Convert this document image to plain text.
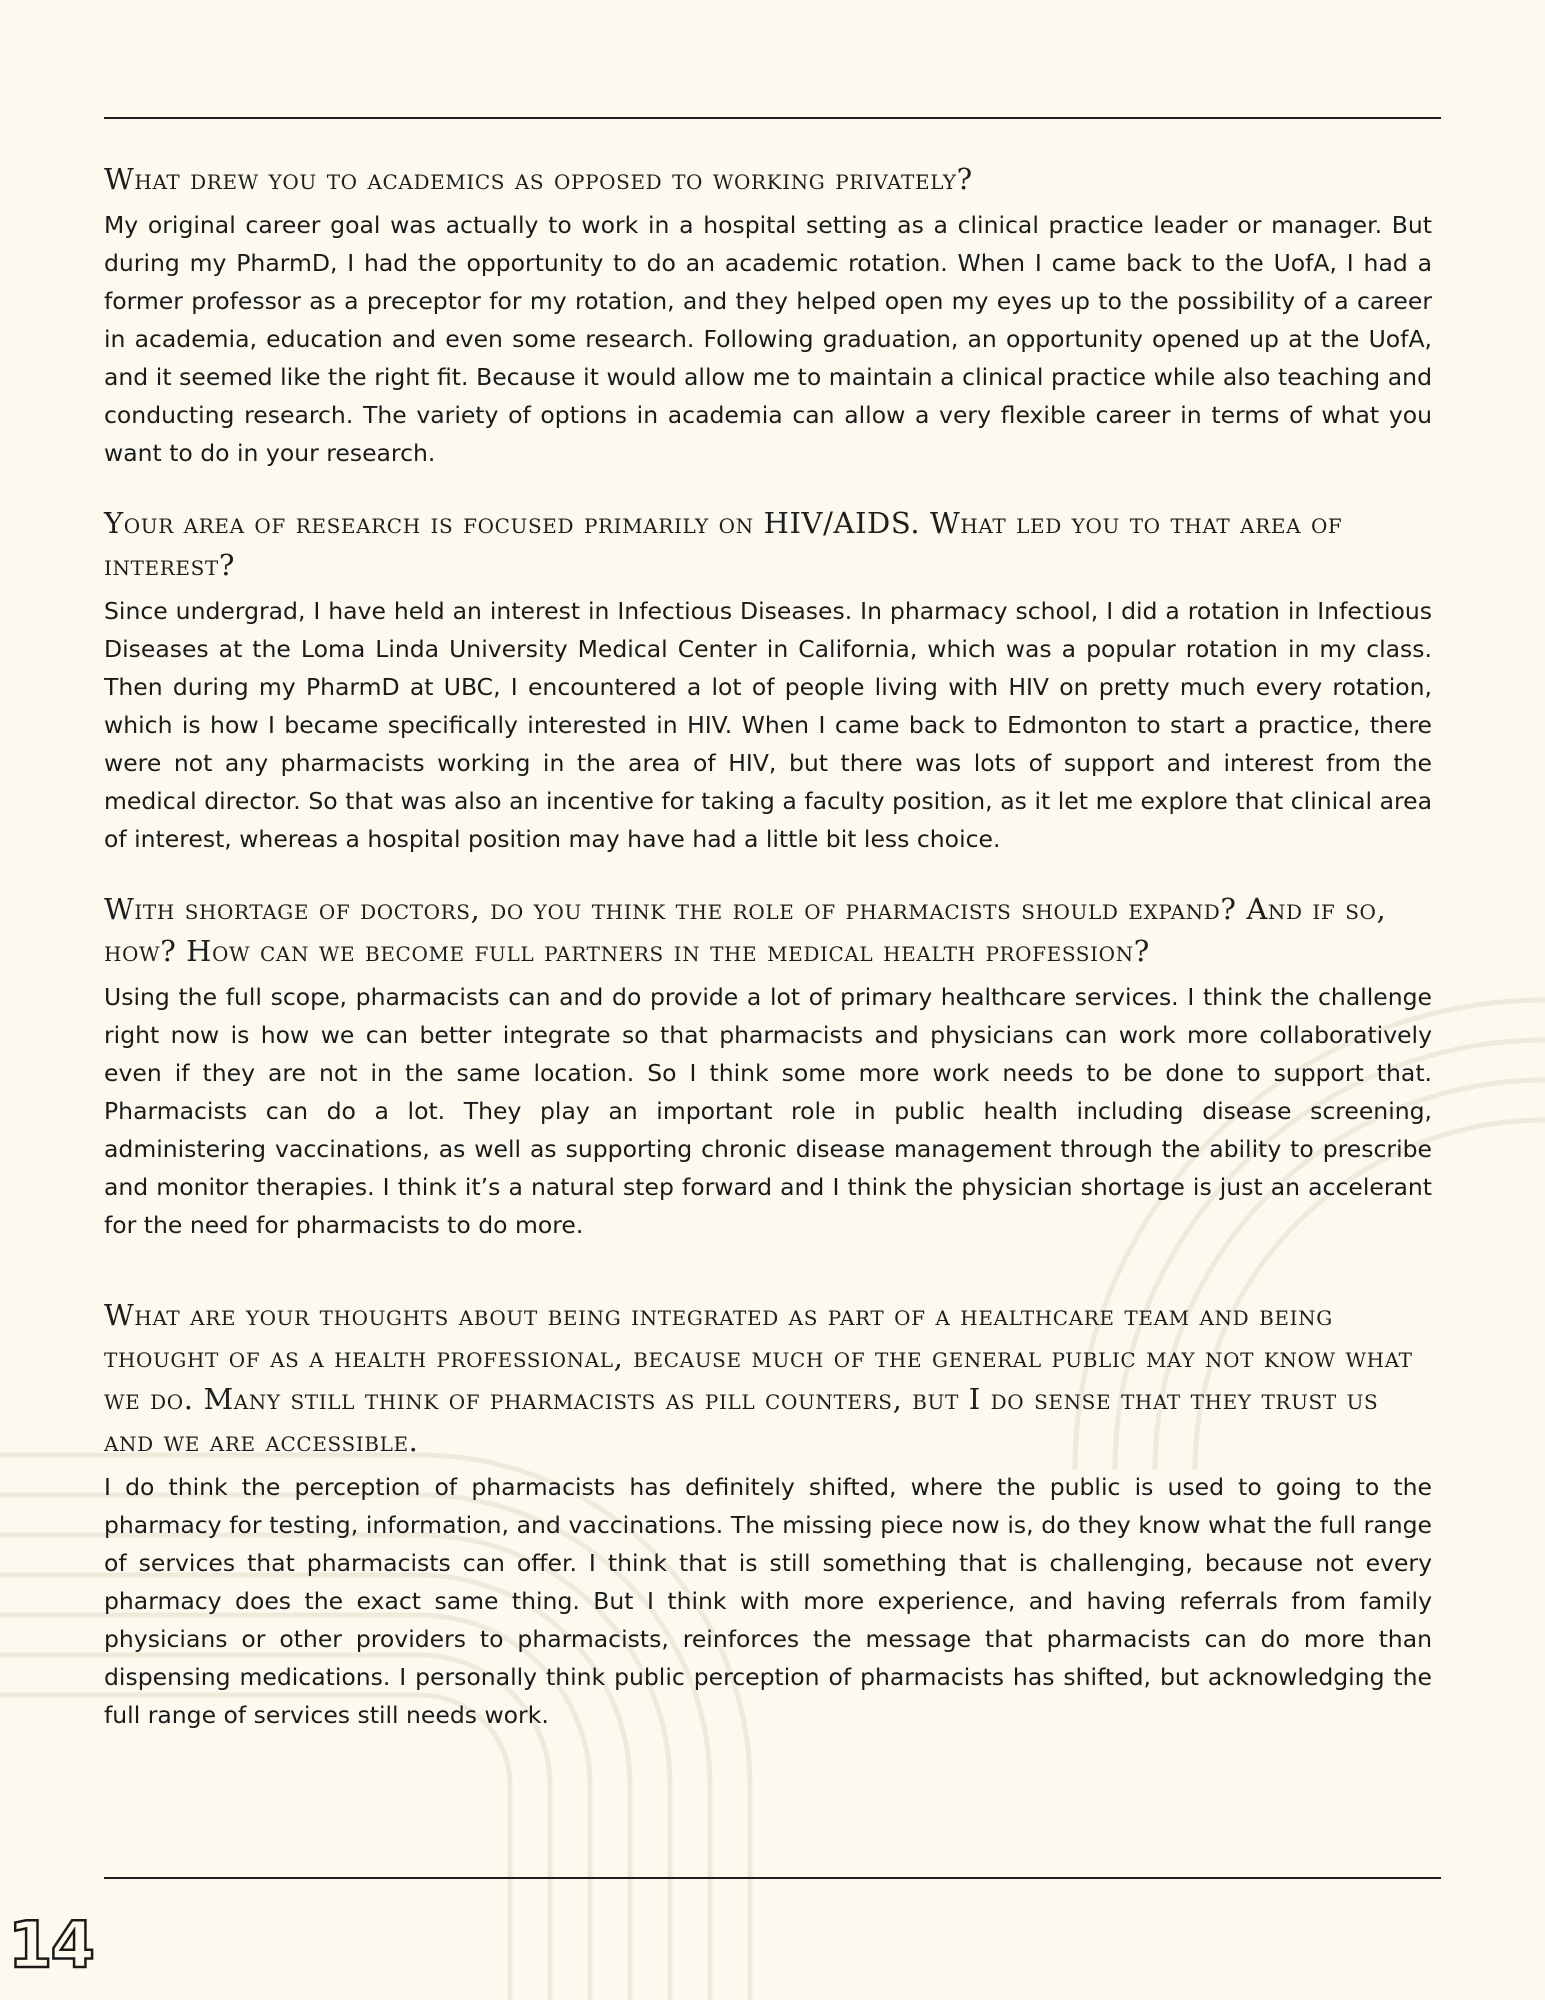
What drew you to academics as opposed to working privately?

My original career goal was actually to work in a hospital setting as a clinical practice leader or manager. But during my PharmD, I had the opportunity to do an academic rotation. When I came back to the UofA, I had a former professor as a preceptor for my rotation, and they helped open my eyes up to the possibility of a career in academia, education and even some research. Following graduation, an opportunity opened up at the UofA, and it seemed like the right fit. Because it would allow me to maintain a clinical practice while also teaching and conducting research. The variety of options in academia can allow a very flexible career in terms of what you want to do in your research.

Your area of research is focused primarily on HIV/AIDS. What led you to that area of interest?

Since undergrad, I have held an interest in Infectious Diseases. In pharmacy school, I did a rotation in Infectious Diseases at the Loma Linda University Medical Center in California, which was a popular rotation in my class. Then during my PharmD at UBC, I encountered a lot of people living with HIV on pretty much every rotation, which is how I became specifically interested in HIV. When I came back to Edmonton to start a practice, there were not any pharmacists working in the area of HIV, but there was lots of support and interest from the medical director. So that was also an incentive for taking a faculty position, as it let me explore that clinical area of interest, whereas a hospital position may have had a little bit less choice.

With shortage of doctors, do you think the role of pharmacists should expand? And if so, how? How can we become full partners in the medical health profession?

Using the full scope, pharmacists can and do provide a lot of primary healthcare services. I think the challenge right now is how we can better integrate so that pharmacists and physicians can work more collaboratively even if they are not in the same location. So I think some more work needs to be done to support that. Pharmacists can do a lot. They play an important role in public health including disease screening, administering vaccinations, as well as supporting chronic disease management through the ability to prescribe and monitor therapies. I think it’s a natural step forward and I think the physician shortage is just an accelerant for the need for pharmacists to do more.

What are your thoughts about being integrated as part of a healthcare team and being thought of as a health professional, because much of the general public may not know what we do. Many still think of pharmacists as pill counters, but I do sense that they trust us and we are accessible.

I do think the perception of pharmacists has definitely shifted, where the public is used to going to the pharmacy for testing, information, and vaccinations. The missing piece now is, do they know what the full range of services that pharmacists can offer. I think that is still something that is challenging, because not every pharmacy does the exact same thing. But I think with more experience, and having referrals from family physicians or other providers to pharmacists, reinforces the message that pharmacists can do more than dispensing medications. I personally think public perception of pharmacists has shifted, but acknowledging the full range of services still needs work.

14
